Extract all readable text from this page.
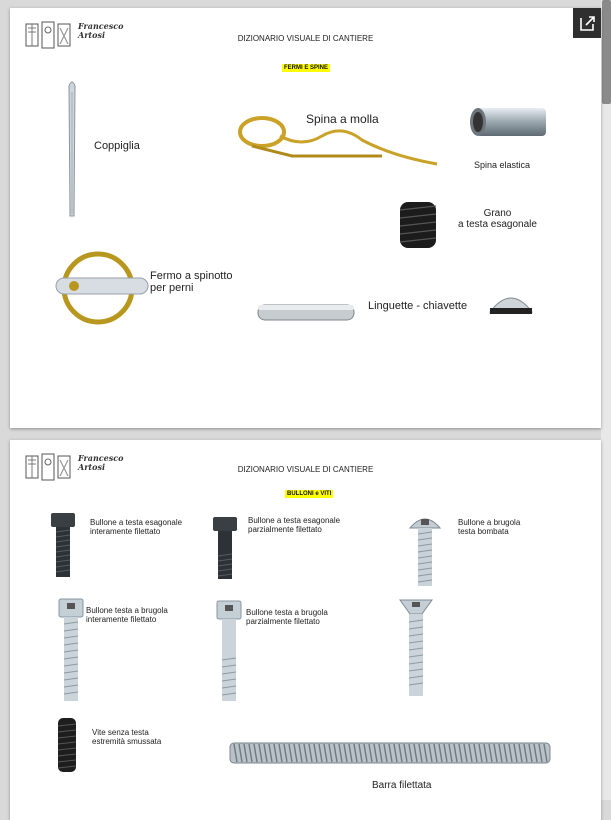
Francesco
Artosi	DIZIONARIO VISUALE DI CANTIERE
FERMI E SPINE
Coppiglia
Spina a molla
Spina elastica
Grano
a testa esagonale
Fermo a spinotto
per perni
Linguette - chiavette
Francesco
Artosi	DIZIONARIO VISUALE DI CANTIERE
BULLONI e VITI
Bullone a testa esagonale
interamente filettato
Bullone a testa esagonale
parzialmente filettato
Bullone a brugola
testa bombata
Bullone testa a brugola
interamente filettato
Bullone testa a brugola
parzialmente filettato
Vite senza testa
estremità smussata
Barra filettata
